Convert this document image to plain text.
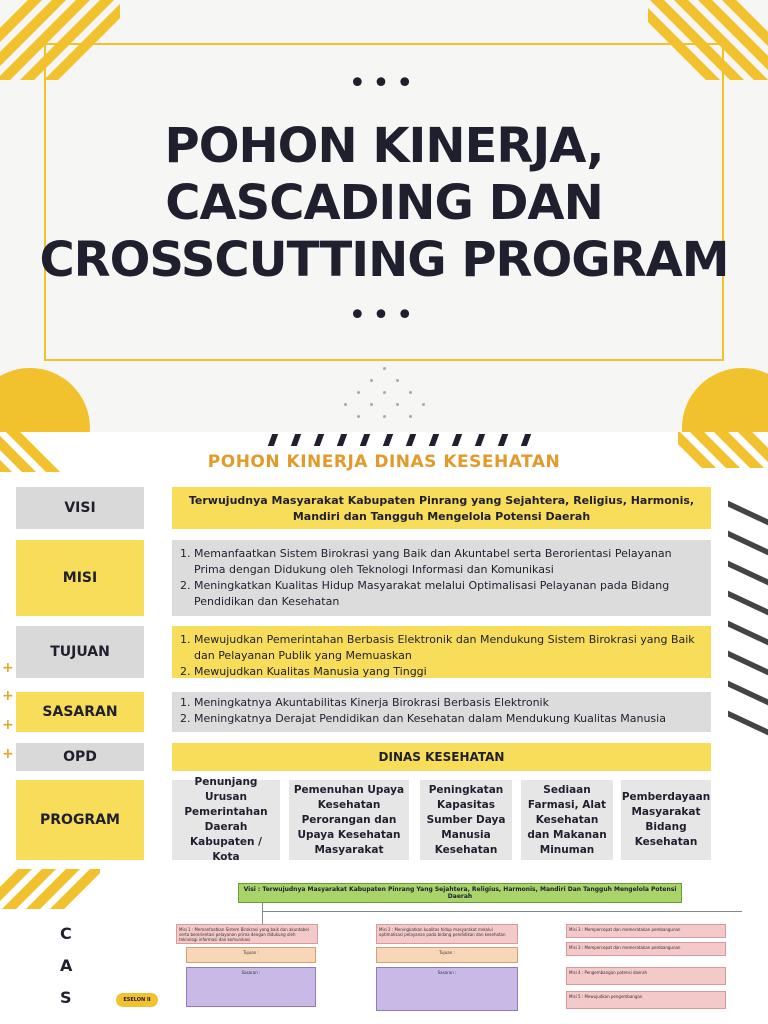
•••
POHON KINERJA,
CASCADING DAN
CROSSCUTTING PROGRAM
•••
POHON KINERJA DINAS KESEHATAN
VISI	Terwujudnya Masyarakat Kabupaten Pinrang yang Sejahtera, Religius, Harmonis, Mandiri dan Tangguh Mengelola Potensi Daerah
MISI
1. Memanfaatkan Sistem Birokrasi yang Baik dan Akuntabel serta Berorientasi Pelayanan Prima dengan Didukung oleh Teknologi Informasi dan Komunikasi
2. Meningkatkan Kualitas Hidup Masyarakat melalui Optimalisasi Pelayanan pada Bidang Pendidikan dan Kesehatan
TUJUAN
1. Mewujudkan Pemerintahan Berbasis Elektronik dan Mendukung Sistem Birokrasi yang Baik dan Pelayanan Publik yang Memuaskan
2. Mewujudkan Kualitas Manusia yang Tinggi
SASARAN
1. Meningkatnya Akuntabilitas Kinerja Birokrasi Berbasis Elektronik
2. Meningkatnya Derajat Pendidikan dan Kesehatan dalam Mendukung Kualitas Manusia
OPD	DINAS KESEHATAN
PROGRAM
Penunjang Urusan Pemerintahan Daerah Kabupaten / Kota
Pemenuhan Upaya Kesehatan Perorangan dan Upaya Kesehatan Masyarakat
Peningkatan Kapasitas Sumber Daya Manusia Kesehatan
Sediaan Farmasi, Alat Kesehatan dan Makanan Minuman
Pemberdayaan Masyarakat Bidang Kesehatan
+
+
+
+
C
A
S
Visi : Terwujudnya Masyarakat Kabupaten Pinrang Yang Sejahtera, Religius, Harmonis, Mandiri Dan Tangguh Mengelola Potensi Daerah
ESELON II
Misi 1 : Memanfaatkan Sistem Birokrasi yang baik dan akuntabel serta berorientasi pelayanan prima dengan didukung oleh teknologi informasi dan komunikasi
Tujuan :
Sasaran :
Misi 2 : Meningkatkan kualitas hidup masyarakat melalui optimalisasi pelayanan pada bidang pendidikan dan kesehatan
Tujuan :
Sasaran :
Misi 3 : Mempercepat dan memeratakan pembangunan
Misi 3 : Mempercepat dan memeratakan pembangunan
Misi 4 : Pengembangan potensi daerah
Misi 5 : Mewujudkan pengembangan
